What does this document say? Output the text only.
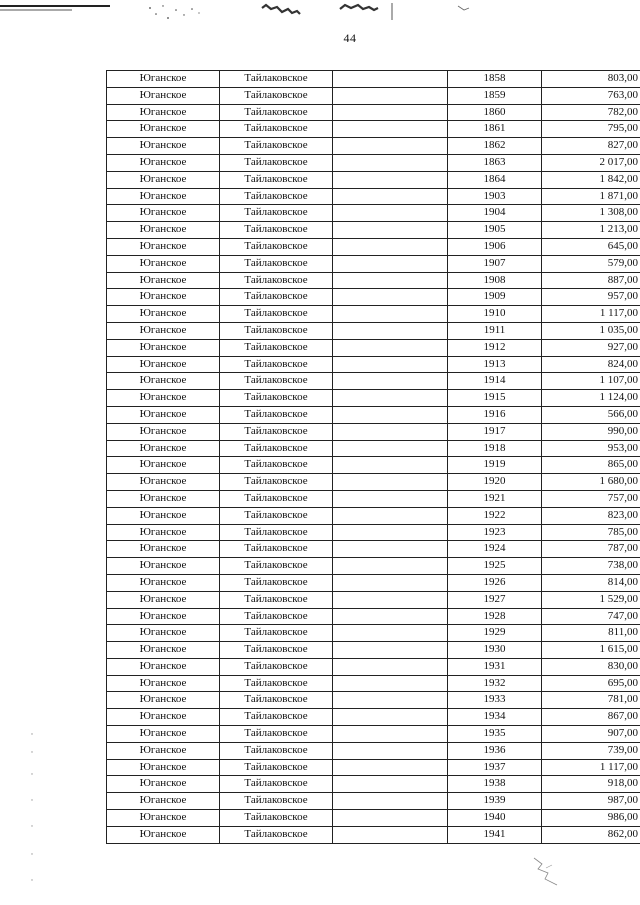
44
Юганское	Тайлаковское		1858	803,00
Юганское	Тайлаковское		1859	763,00
Юганское	Тайлаковское		1860	782,00
Юганское	Тайлаковское		1861	795,00
Юганское	Тайлаковское		1862	827,00
Юганское	Тайлаковское		1863	2 017,00
Юганское	Тайлаковское		1864	1 842,00
Юганское	Тайлаковское		1903	1 871,00
Юганское	Тайлаковское		1904	1 308,00
Юганское	Тайлаковское		1905	1 213,00
Юганское	Тайлаковское		1906	645,00
Юганское	Тайлаковское		1907	579,00
Юганское	Тайлаковское		1908	887,00
Юганское	Тайлаковское		1909	957,00
Юганское	Тайлаковское		1910	1 117,00
Юганское	Тайлаковское		1911	1 035,00
Юганское	Тайлаковское		1912	927,00
Юганское	Тайлаковское		1913	824,00
Юганское	Тайлаковское		1914	1 107,00
Юганское	Тайлаковское		1915	1 124,00
Юганское	Тайлаковское		1916	566,00
Юганское	Тайлаковское		1917	990,00
Юганское	Тайлаковское		1918	953,00
Юганское	Тайлаковское		1919	865,00
Юганское	Тайлаковское		1920	1 680,00
Юганское	Тайлаковское		1921	757,00
Юганское	Тайлаковское		1922	823,00
Юганское	Тайлаковское		1923	785,00
Юганское	Тайлаковское		1924	787,00
Юганское	Тайлаковское		1925	738,00
Юганское	Тайлаковское		1926	814,00
Юганское	Тайлаковское		1927	1 529,00
Юганское	Тайлаковское		1928	747,00
Юганское	Тайлаковское		1929	811,00
Юганское	Тайлаковское		1930	1 615,00
Юганское	Тайлаковское		1931	830,00
Юганское	Тайлаковское		1932	695,00
Юганское	Тайлаковское		1933	781,00
Юганское	Тайлаковское		1934	867,00
Юганское	Тайлаковское		1935	907,00
Юганское	Тайлаковское		1936	739,00
Юганское	Тайлаковское		1937	1 117,00
Юганское	Тайлаковское		1938	918,00
Юганское	Тайлаковское		1939	987,00
Юганское	Тайлаковское		1940	986,00
Юганское	Тайлаковское		1941	862,00
